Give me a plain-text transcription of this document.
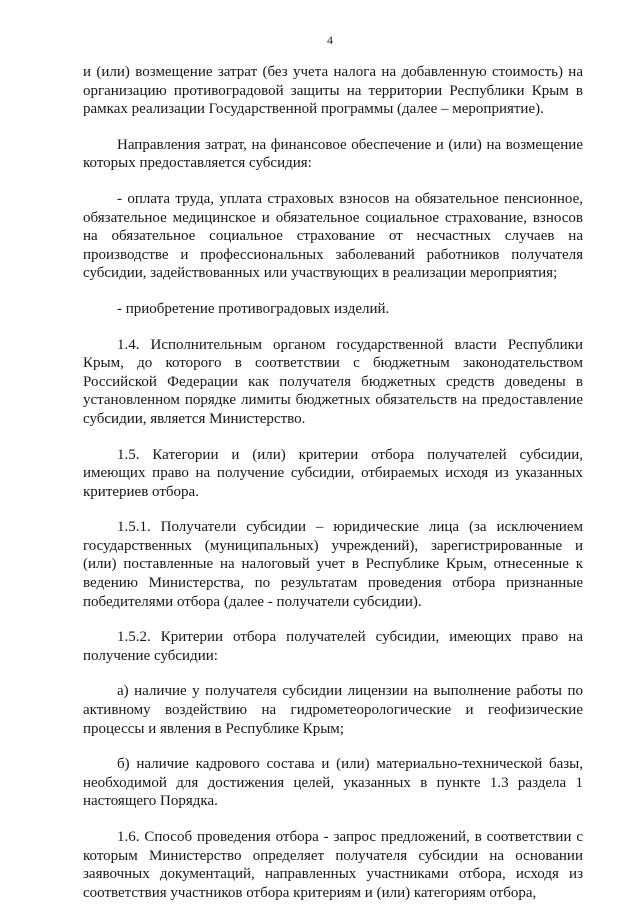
4

и (или) возмещение затрат (без учета налога на добавленную стоимость) на организацию противоградовой защиты на территории Республики Крым в рамках реализации Государственной программы (далее – мероприятие).

Направления затрат, на финансовое обеспечение и (или) на возмещение которых предоставляется субсидия:

- оплата труда, уплата страховых взносов на обязательное пенсионное, обязательное медицинское и обязательное социальное страхование, взносов на обязательное социальное страхование от несчастных случаев на производстве и профессиональных заболеваний работников получателя субсидии, задействованных или участвующих в реализации мероприятия;

- приобретение противоградовых изделий.

1.4. Исполнительным органом государственной власти Республики Крым, до которого в соответствии с бюджетным законодательством Российской Федерации как получателя бюджетных средств доведены в установленном порядке лимиты бюджетных обязательств на предоставление субсидии, является Министерство.

1.5. Категории и (или) критерии отбора получателей субсидии, имеющих право на получение субсидии, отбираемых исходя из указанных критериев отбора.

1.5.1. Получатели субсидии – юридические лица (за исключением государственных (муниципальных) учреждений), зарегистрированные и (или) поставленные на налоговый учет в Республике Крым, отнесенные к ведению Министерства, по результатам проведения отбора признанные победителями отбора (далее - получатели субсидии).

1.5.2. Критерии отбора получателей субсидии, имеющих право на получение субсидии:

а) наличие у получателя субсидии лицензии на выполнение работы по активному воздействию на гидрометеорологические и геофизические процессы и явления в Республике Крым;

б) наличие кадрового состава и (или) материально-технической базы, необходимой для достижения целей, указанных в пункте 1.3 раздела 1 настоящего Порядка.

1.6. Способ проведения отбора - запрос предложений, в соответствии с которым Министерство определяет получателя субсидии на основании заявочных документаций, направленных участниками отбора, исходя из соответствия участников отбора критериям и (или) категориям отбора,
